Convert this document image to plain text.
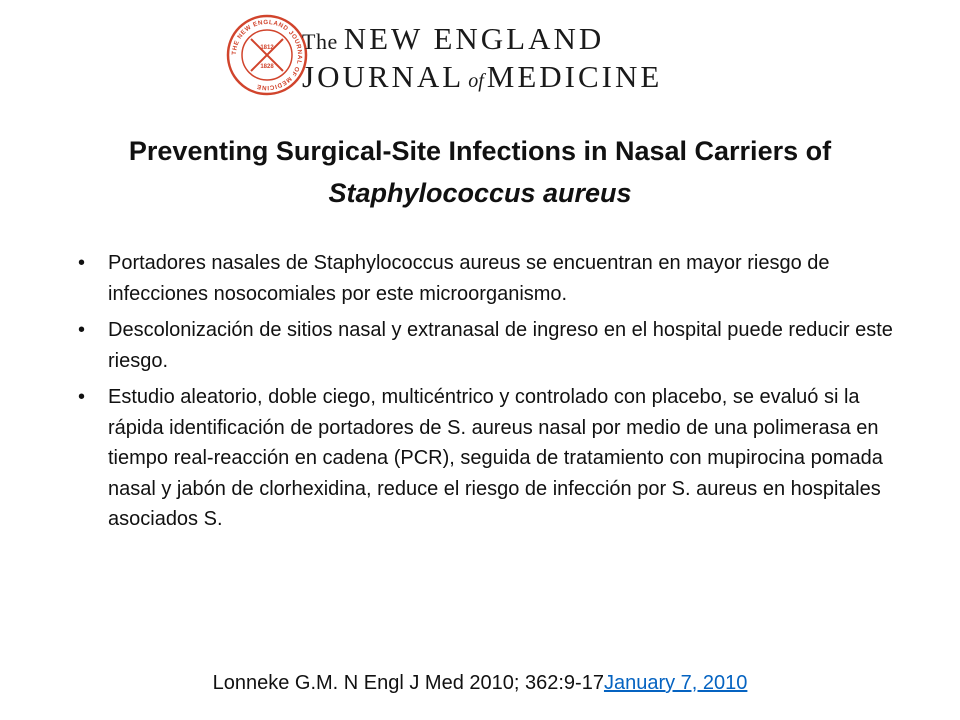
THE NEW ENGLAND JOURNAL OF MEDICINE
1812
1828
The NEW ENGLAND
JOURNAL ofMEDICINE
Preventing Surgical-Site Infections in Nasal Carriers of
Staphylococcus aureus
• Portadores nasales de Staphylococcus aureus se encuentran en mayor riesgo de infecciones nosocomiales por este microorganismo.
• Descolonización de sitios nasal y extranasal de ingreso en el hospital puede reducir este riesgo.
• Estudio aleatorio, doble ciego, multicéntrico y controlado con placebo, se evaluó si la rápida identificación de portadores de S. aureus nasal por medio de una polimerasa en tiempo real-reacción en cadena (PCR), seguida de tratamiento con mupirocina pomada nasal y jabón de clorhexidina, reduce el riesgo de infección por S. aureus en hospitales asociados S.
Lonneke G.M. N Engl J Med 2010; 362:9-17January 7, 2010
